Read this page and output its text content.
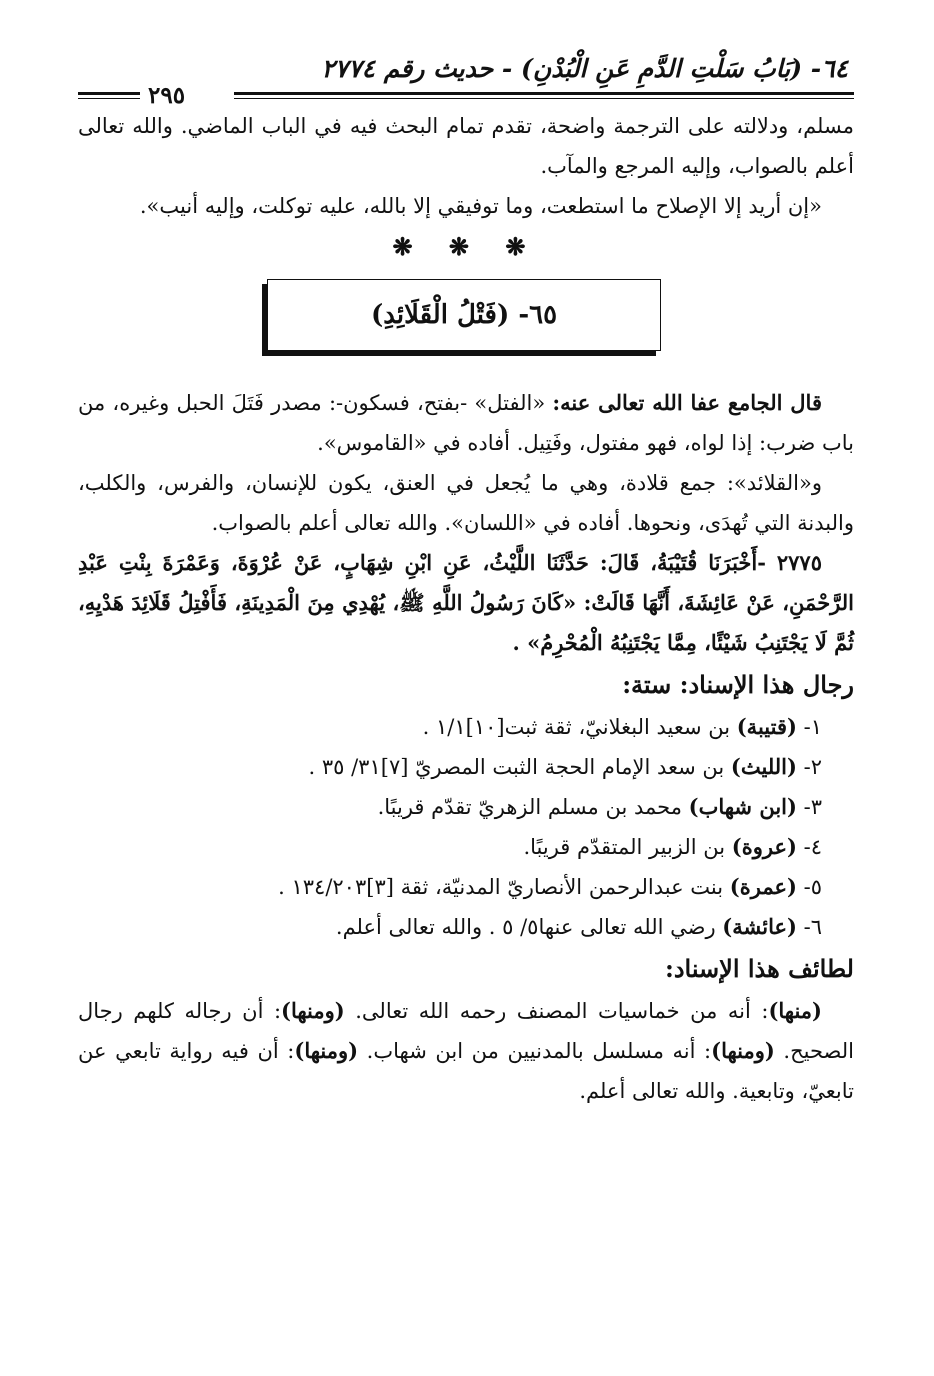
٦٤- (بَابُ سَلْتِ الدَّمِ عَنِ الْبُدْنِ) - حديث رقم ٢٧٧٤
٢٩٥

مسلم، ودلالته على الترجمة واضحة، تقدم تمام البحث فيه في الباب الماضي. والله تعالى أعلم بالصواب، وإليه المرجع والمآب.

«إن أريد إلا الإصلاح ما استطعت، وما توفيقي إلا بالله، عليه توكلت، وإليه أنيب».

❋ ❋ ❋
٦٥- (فَتْلُ الْقَلَائِدِ)

قال الجامع عفا الله تعالى عنه: «الفتل» -بفتح، فسكون-: مصدر فَتَلَ الحبل وغيره، من باب ضرب: إذا لواه، فهو مفتول، وفَتِيل. أفاده في «القاموس».

و«القلائد»: جمع قلادة، وهي ما يُجعل في العنق، يكون للإنسان، والفرس، والكلب، والبدنة التي تُهدَى، ونحوها. أفاده في «اللسان». والله تعالى أعلم بالصواب.

٢٧٧٥ -أَخْبَرَنَا قُتَيْبَةُ، قَالَ: حَدَّثَنَا اللَّيْثُ، عَنِ ابْنِ شِهَابٍ، عَنْ عُرْوَةَ، وَعَمْرَةَ بِنْتِ عَبْدِ الرَّحْمَنِ، عَنْ عَائِشَةَ، أَنَّهَا قَالَتْ: «كَانَ رَسُولُ اللَّهِ ﷺ، يُهْدِي مِنَ الْمَدِينَةِ، فَأَفْتِلُ قَلَائِدَ هَدْيِهِ، ثُمَّ لَا يَجْتَنِبُ شَيْئًا، مِمَّا يَجْتَنِبُهُ الْمُحْرِمُ» .

رجال هذا الإسناد: ستة:
١- (قتيبة) بن سعيد البغلانيّ، ثقة ثبت[١٠]١/١ .
٢- (الليث) بن سعد الإمام الحجة الثبت المصريّ [٧]٣١/ ٣٥ .
٣- (ابن شهاب) محمد بن مسلم الزهريّ تقدّم قريبًا.
٤- (عروة) بن الزبير المتقدّم قريبًا.
٥- (عمرة) بنت عبدالرحمن الأنصاريّ المدنيّة، ثقة [٣]١٣٤/٢٠٣ .
٦- (عائشة) رضي الله تعالى عنها٥/ ٥ . والله تعالى أعلم.
لطائف هذا الإسناد:

(منها): أنه من خماسيات المصنف رحمه الله تعالى. (ومنها): أن رجاله كلهم رجال الصحيح. (ومنها): أنه مسلسل بالمدنيين من ابن شهاب. (ومنها): أن فيه رواية تابعي عن تابعيّ، وتابعية. والله تعالى أعلم.
